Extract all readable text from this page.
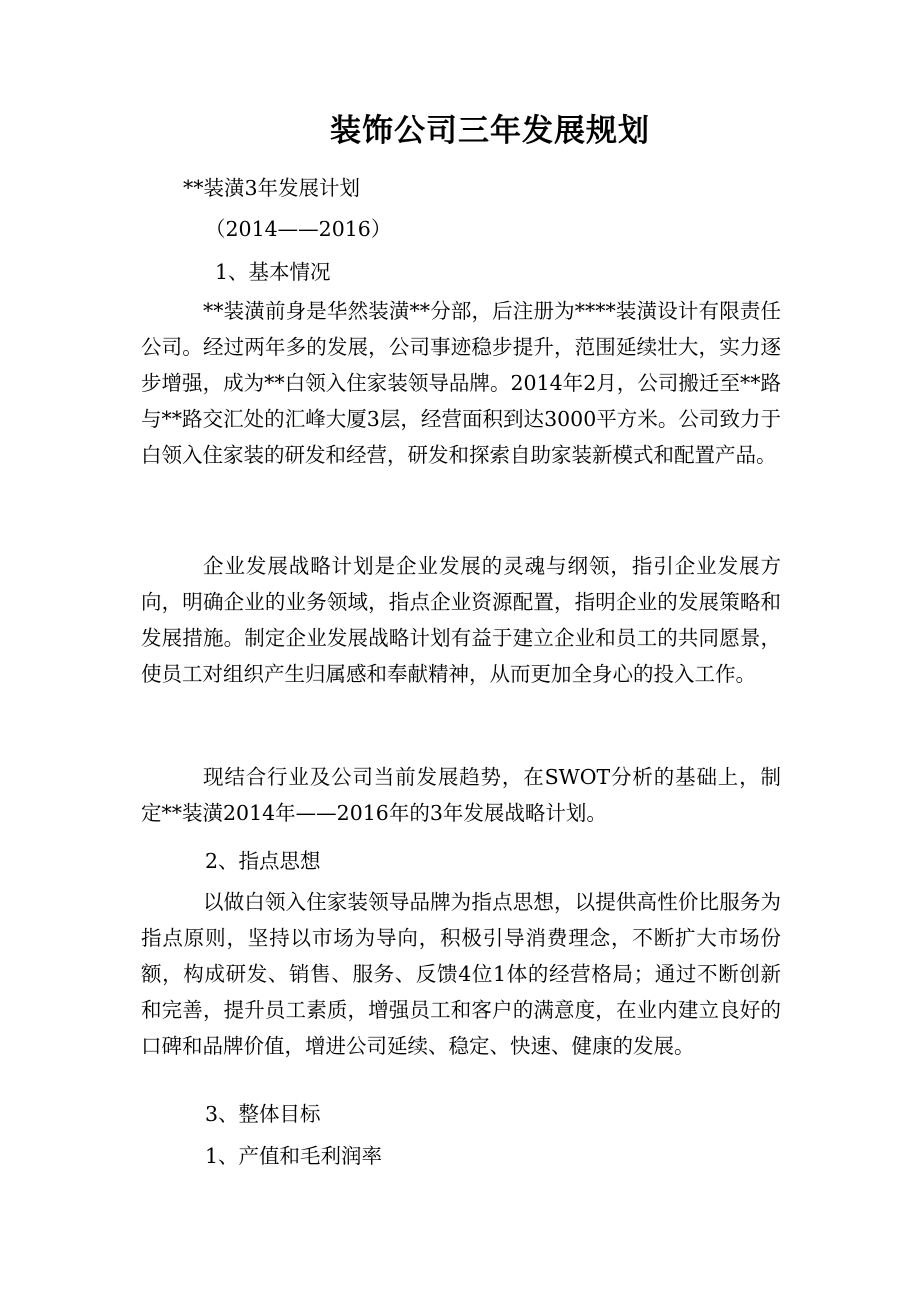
装饰公司三年发展规划
**装潢3年发展计划
（2014——2016）
1、基本情况

**装潢前身是华然装潢**分部，后注册为****装潢设计有限责任公司。经过两年多的发展，公司事迹稳步提升，范围延续壮大，实力逐步增强，成为**白领入住家装领导品牌。2014年2月，公司搬迁至**路与**路交汇处的汇峰大厦3层，经营面积到达3000平方米。公司致力于白领入住家装的研发和经营，研发和探索自助家装新模式和配置产品。

企业发展战略计划是企业发展的灵魂与纲领，指引企业发展方向，明确企业的业务领域，指点企业资源配置，指明企业的发展策略和发展措施。制定企业发展战略计划有益于建立企业和员工的共同愿景，使员工对组织产生归属感和奉献精神，从而更加全身心的投入工作。

现结合行业及公司当前发展趋势，在SWOT分析的基础上，制定**装潢2014年——2016年的3年发展战略计划。

2、指点思想

以做白领入住家装领导品牌为指点思想，以提供高性价比服务为指点原则，坚持以市场为导向，积极引导消费理念，不断扩大市场份额，构成研发、销售、服务、反馈4位1体的经营格局；通过不断创新和完善，提升员工素质，增强员工和客户的满意度，在业内建立良好的口碑和品牌价值，增进公司延续、稳定、快速、健康的发展。

3、整体目标
1、产值和毛利润率
